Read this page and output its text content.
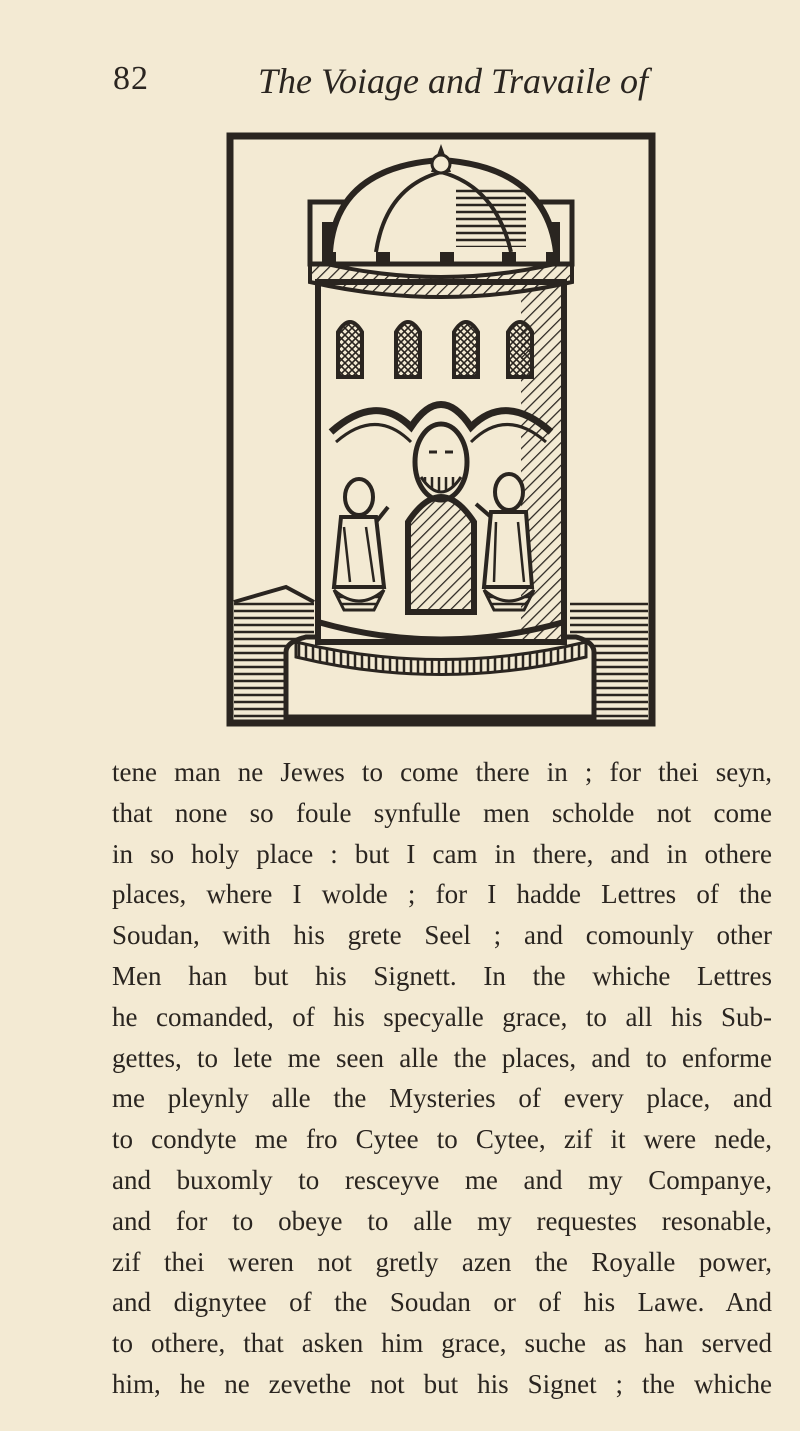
82	The Voiage and Travaile of
tene man ne Jewes to come there in ; for thei seyn,
that none so foule synfulle men scholde not come
in so holy place : but I cam in there, and in othere
places, where I wolde ; for I hadde Lettres of the
Soudan, with his grete Seel ; and comounly other
Men han but his Signett. In the whiche Lettres
he comanded, of his specyalle grace, to all his Sub-
gettes, to lete me seen alle the places, and to enforme
me pleynly alle the Mysteries of every place, and
to condyte me fro Cytee to Cytee, zif it were nede,
and buxomly to resceyve me and my Companye,
and for to obeye to alle my requestes resonable,
zif thei weren not gretly azen the Royalle power,
and dignytee of the Soudan or of his Lawe. And
to othere, that asken him grace, suche as han served
him, he ne zevethe not but his Signet ; the whiche
